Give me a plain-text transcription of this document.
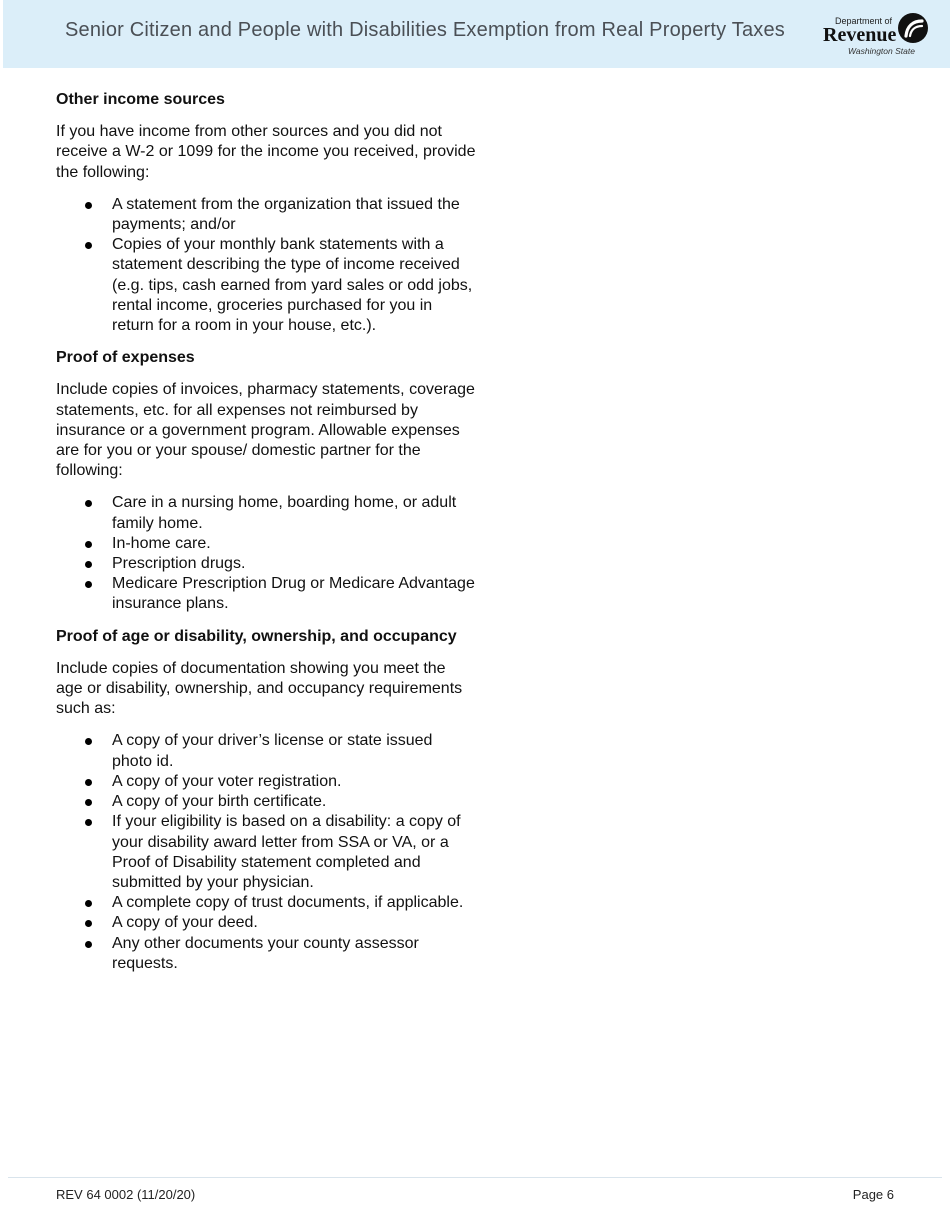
Senior Citizen and People with Disabilities Exemption from Real Property Taxes	Department of
Revenue
Washington State
Other income sources
If you have income from other sources and you did not receive a W-2 or 1099 for the income you received, provide the following:
A statement from the organization that issued the payments; and/or
Copies of your monthly bank statements with a statement describing the type of income received (e.g. tips, cash earned from yard sales or odd jobs, rental income, groceries purchased for you in return for a room in your house, etc.).
Proof of expenses
Include copies of invoices, pharmacy statements, coverage statements, etc. for all expenses not reimbursed by insurance or a government program. Allowable expenses are for you or your spouse/ domestic partner for the following:
Care in a nursing home, boarding home, or adult family home.
In-home care.
Prescription drugs.
Medicare Prescription Drug or Medicare Advantage insurance plans.
Proof of age or disability, ownership, and occupancy
Include copies of documentation showing you meet the age or disability, ownership, and occupancy requirements such as:
A copy of your driver’s license or state issued photo id.
A copy of your voter registration.
A copy of your birth certificate.
If your eligibility is based on a disability: a copy of your disability award letter from SSA or VA, or a Proof of Disability statement completed and submitted by your physician.
A complete copy of trust documents, if applicable.
A copy of your deed.
Any other documents your county assessor requests.
REV 64 0002 (11/20/20)	Page 6
